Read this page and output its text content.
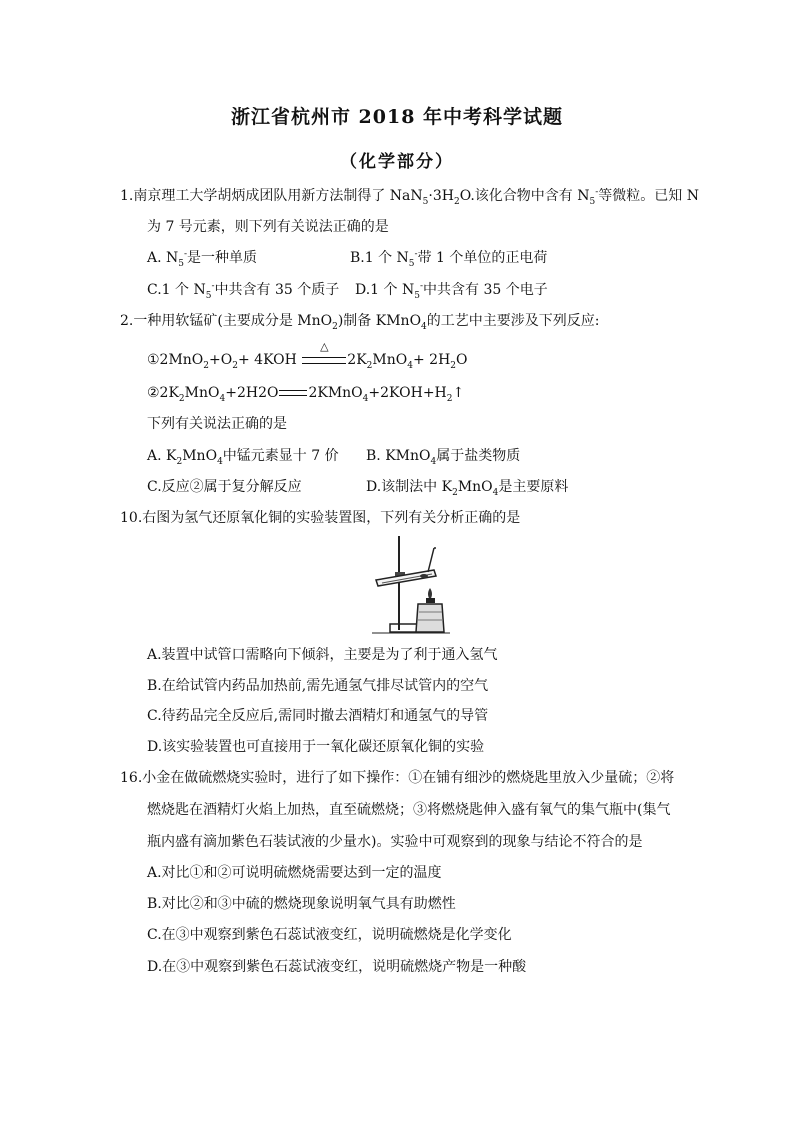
浙江省杭州市 2018 年中考科学试题
（化学部分）
1.南京理工大学胡炳成团队用新方法制得了 $NaN_5\cdot 3H_2O$.该化合物中含有 $N_5^-$等微粒。已知 N
为 7 号元素，则下列有关说法正确的是
A. $N_5^-$是一种单质	B.1 个 $N_5^-$带 1 个单位的正电荷
C.1 个 $N_5^-$中共含有 35 个质子 D.1 个 $N_5^-$中共含有 35 个电子
2.一种用软锰矿(主要成分是 MnO$_2$)制备 KMnO$_4$的工艺中主要涉及下列反应:
$①2MnO_2+O_2+ 4KOH$
△
$2K_2MnO_4+ 2H_2O$
$②2K_2MnO_4+2H2O$ $2KMnO_4+2KOH+H_2↑$
下列有关说法正确的是
A. $K_2MnO_4$中锰元素显十 7 价 B. KMnO$_4$属于盐类物质
C.反应②属于复分解反应	D.该制法中 $K_2MnO_4$是主要原料
10.右图为氢气还原氧化铜的实验装置图，下列有关分析正确的是
A.装置中试管口需略向下倾斜，主要是为了利于通入氢气
B.在给试管内药品加热前,需先通氢气排尽试管内的空气
C.待药品完全反应后,需同时撤去酒精灯和通氢气的导管
D.该实验装置也可直接用于一氧化碳还原氧化铜的实验
16.小金在做硫燃烧实验时，进行了如下操作：①在铺有细沙的燃烧匙里放入少量硫；②将
燃烧匙在酒精灯火焰上加热，直至硫燃烧；③将燃烧匙伸入盛有氧气的集气瓶中(集气
瓶内盛有滴加紫色石装试液的少量水)。实验中可观察到的现象与结论不符合的是
A.对比①和②可说明硫燃烧需要达到一定的温度
B.对比②和③中硫的燃烧现象说明氧气具有助燃性
C.在③中观察到紫色石蕊试液变红，说明硫燃烧是化学变化
D.在③中观察到紫色石蕊试液变红，说明硫燃烧产物是一种酸
